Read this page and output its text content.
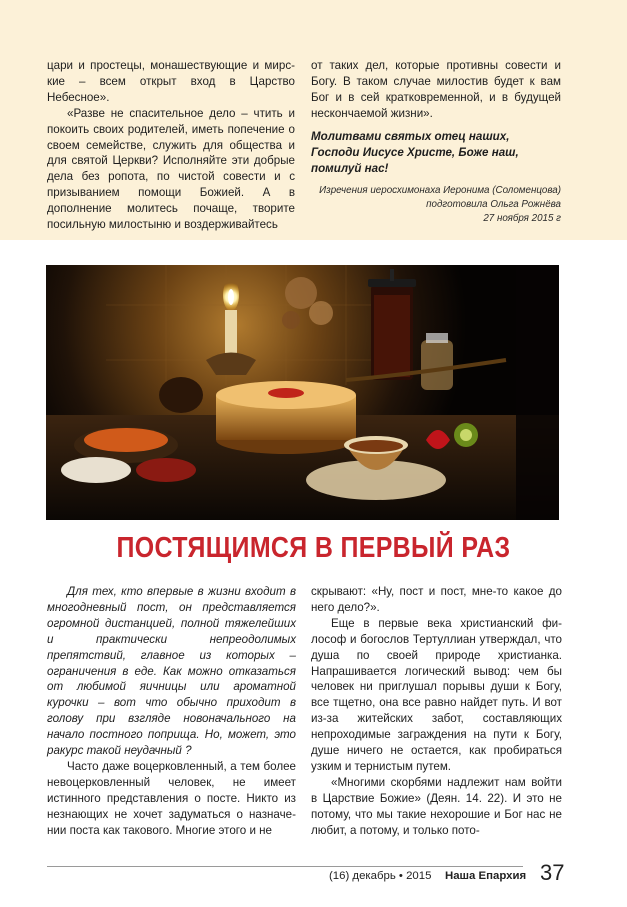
цари и простецы, монашествующие и мирские – всем открыт вход в Царство Небесное».

«Разве не спасительное дело – чтить и покоить своих родителей, иметь попечение о своем семействе, служить для общества и для святой Церкви? Исполняйте эти добрые дела без ропота, по чистой совести и с призыванием помощи Божией. А в дополнение молитесь почаще, творите посильную милостыню и воздерживайтесь

от таких дел, которые противны совести и Богу. В таком случае милостив будет к вам Бог и в сей кратковременной, и в будущей нескончаемой жизни».

Молитвами святых отец наших, Господи Иисусе Христе, Боже наш, помилуй нас!

Изречения иеросхимонаха Иеронима (Соломенцова)
подготовила Ольга Рожнёва
27 ноября 2015 г

ПОСТЯЩИМСЯ В ПЕРВЫЙ РАЗ

Для тех, кто впервые в жизни входит в многодневный пост, он представляется огромной дистанцией, полной тяжелейших и практически непреодолимых препятствий, главное из которых – ограничения в еде. Как можно отказаться от любимой яичницы или ароматной курочки – вот что обычно приходит в голову при взгляде новоначального на начало постного поприща. Но, может, это ракурс такой неудачный ?

Часто даже воцерковленный, а тем более невоцерковленный человек, не имеет истинного представления о посте. Никто из незнающих не хочет задуматься о назначении поста как такового. Многие этого и не

скрывают: «Ну, пост и пост, мне-то какое до него дело?».

Еще в первые века христианский философ и богослов Тертуллиан утверждал, что душа по своей природе христианка. Напрашивается логический вывод: чем бы человек ни приглушал порывы души к Богу, все тщетно, она все равно найдет путь. И вот из-за житейских забот, составляющих непроходимые заграждения на пути к Богу, душе ничего не остается, как пробираться узким и тернистым путем.

«Многими скорбями надлежит нам войти в Царствие Божие» (Деян. 14. 22). И это не потому, что мы такие нехорошие и Бог нас не любит, а потому, и только пото-

(16) декабрь • 2015 Наша Епархия 37
